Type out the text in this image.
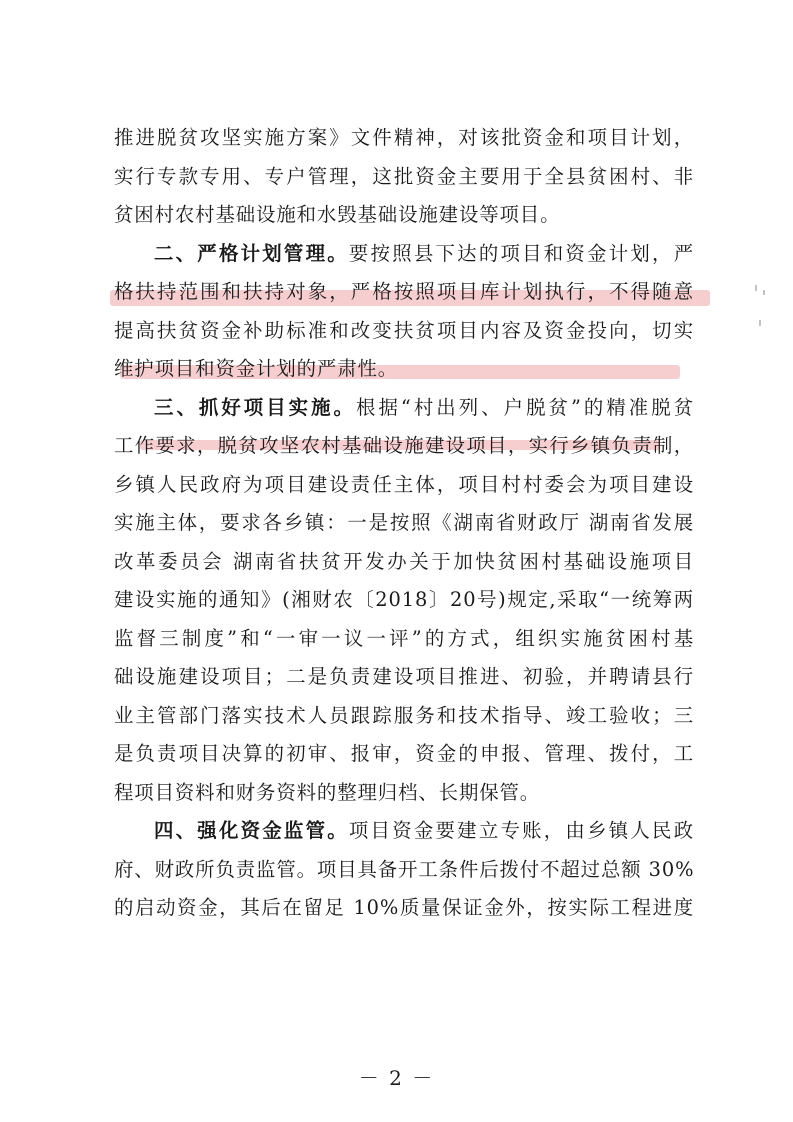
推进脱贫攻坚实施方案》文件精神，对该批资金和项目计划，
实行专款专用、专户管理，这批资金主要用于全县贫困村、非
贫困村农村基础设施和水毁基础设施建设等项目。
二、严格计划管理。要按照县下达的项目和资金计划，严
格扶持范围和扶持对象，严格按照项目库计划执行，不得随意
提高扶贫资金补助标准和改变扶贫项目内容及资金投向，切实
维护项目和资金计划的严肃性。
三、抓好项目实施。根据“村出列、户脱贫”的精准脱贫
工作要求，脱贫攻坚农村基础设施建设项目，实行乡镇负责制，
乡镇人民政府为项目建设责任主体，项目村村委会为项目建设
实施主体，要求各乡镇：一是按照《湖南省财政厅 湖南省发展
改革委员会 湖南省扶贫开发办关于加快贫困村基础设施项目
建设实施的通知》(湘财农〔2018〕20号)规定,采取“一统筹两
监督三制度”和“一审一议一评”的方式，组织实施贫困村基
础设施建设项目；二是负责建设项目推进、初验，并聘请县行
业主管部门落实技术人员跟踪服务和技术指导、竣工验收；三
是负责项目决算的初审、报审，资金的申报、管理、拨付，工
程项目资料和财务资料的整理归档、长期保管。
四、强化资金监管。项目资金要建立专账，由乡镇人民政
府、财政所负责监管。项目具备开工条件后拨付不超过总额 30%
的启动资金，其后在留足 10%质量保证金外，按实际工程进度
－ 2 －
